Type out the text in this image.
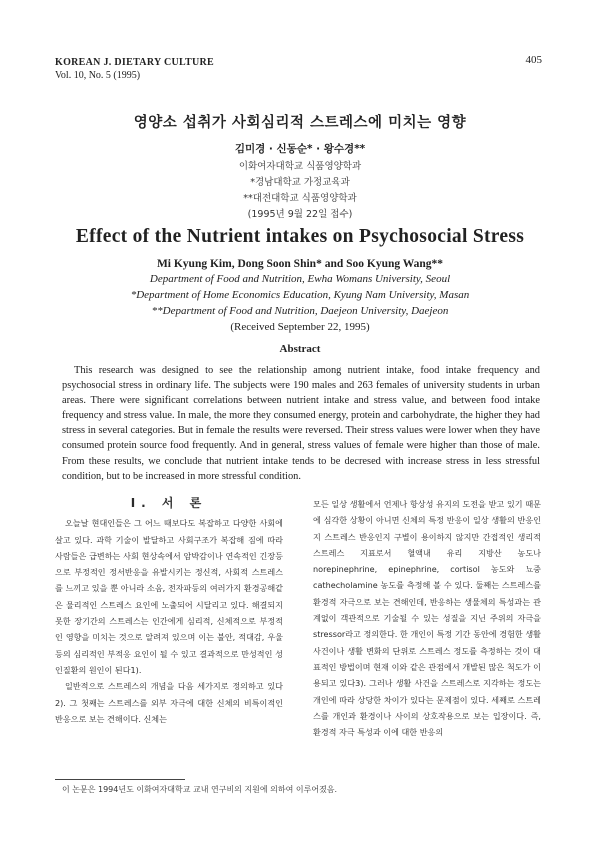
KOREAN J. DIETARY CULTURE
Vol. 10, No. 5 (1995)
405
영양소 섭취가 사회심리적 스트레스에 미치는 영향
김미경 · 신동순* · 왕수경**
이화여자대학교 식품영양학과
*경남대학교 가정교육과
**대전대학교 식품영양학과
(1995년 9월 22일 접수)
Effect of the Nutrient intakes on Psychosocial Stress
Mi Kyung Kim, Dong Soon Shin* and Soo Kyung Wang**
Department of Food and Nutrition, Ewha Womans University, Seoul
*Department of Home Economics Education, Kyung Nam University, Masan
**Department of Food and Nutrition, Daejeon University, Daejeon
(Received September 22, 1995)
Abstract
This research was designed to see the relationship among nutrient intake, food intake frequency and psychosocial stress in ordinary life. The subjects were 190 males and 263 females of university students in urban areas. There were significant correlations between nutrient intake and stress value, and between food intake frequency and stress value. In male, the more they consumed energy, protein and carbohydrate, the higher they had stress in several categories. But in female the results were reversed. Their stress values were lower when they have consumed protein source food frequently. And in general, stress values of female were higher than those of male. From these results, we conclude that nutrient intake tends to be decresed with increase stress in less stressful condition, but to be increased in more stressful condition.
I. 서 론

오늘날 현대인들은 그 어느 때보다도 복잡하고 다양한 사회에 살고 있다. 과학 기술이 발달하고 사회구조가 복잡해 짐에 따라 사람들은 급변하는 사회 현상속에서 암박감이나 연속적인 긴장등으로 부정적인 정서반응을 유발시키는 정신적, 사회적 스트레스를 느끼고 있을 뿐 아니라 소음, 전자파등의 여러가지 환경공해같은 물리적인 스트레스 요인에 노출되어 시달리고 있다. 해결되지 못한 장기간의 스트레스는 인간에게 심리적, 신체적으로 부정적인 영향을 미치는 것으로 알려져 있으며 이는 불안, 적대감, 우울등의 심리적인 부적응 요인이 될 수 있고 결과적으로 만성적인 성인질환의 원인이 된다1).

일반적으로 스트레스의 개념을 다음 세가지로 정의하고 있다2). 그 첫째는 스트레스를 외부 자극에 대한 신체의 비특이적인 반응으로 보는 견해이다. 신체는

모든 일상 생활에서 언제나 항상성 유지의 도전을 받고 있기 때문에 심각한 상황이 아니면 신체의 특정 반응이 일상 생활의 반응인지 스트레스 반응인지 구별이 용이하지 않지만 간접적인 생리적 스트레스 지표로서 혈액내 유리 지방산 농도나 norepinephrine, epinephrine, cortisol 농도와 뇨중 cathecholamine 농도를 측정해 볼 수 있다. 둘째는 스트레스를 환경적 자극으로 보는 견해인데, 반응하는 생물체의 특성과는 관계없이 객관적으로 기술될 수 있는 성질을 지닌 주위의 자극을 stressor라고 정의한다. 한 개인이 특정 기간 동안에 경험한 생활 사건이나 생활 변화의 단위로 스트레스 정도를 측정하는 것이 대표적인 방법이며 현재 이와 같은 관점에서 개발된 많은 척도가 이용되고 있다3). 그러나 생활 사건을 스트레스로 지각하는 정도는 개인에 따라 상당한 차이가 있다는 문제점이 있다. 세째로 스트레스를 개인과 환경이나 사이의 상호작용으로 보는 입장이다. 즉, 환경적 자극 특성과 이에 대한 반응의

이 논문은 1994년도 이화여자대학교 교내 연구비의 지원에 의하여 이루어졌음.
